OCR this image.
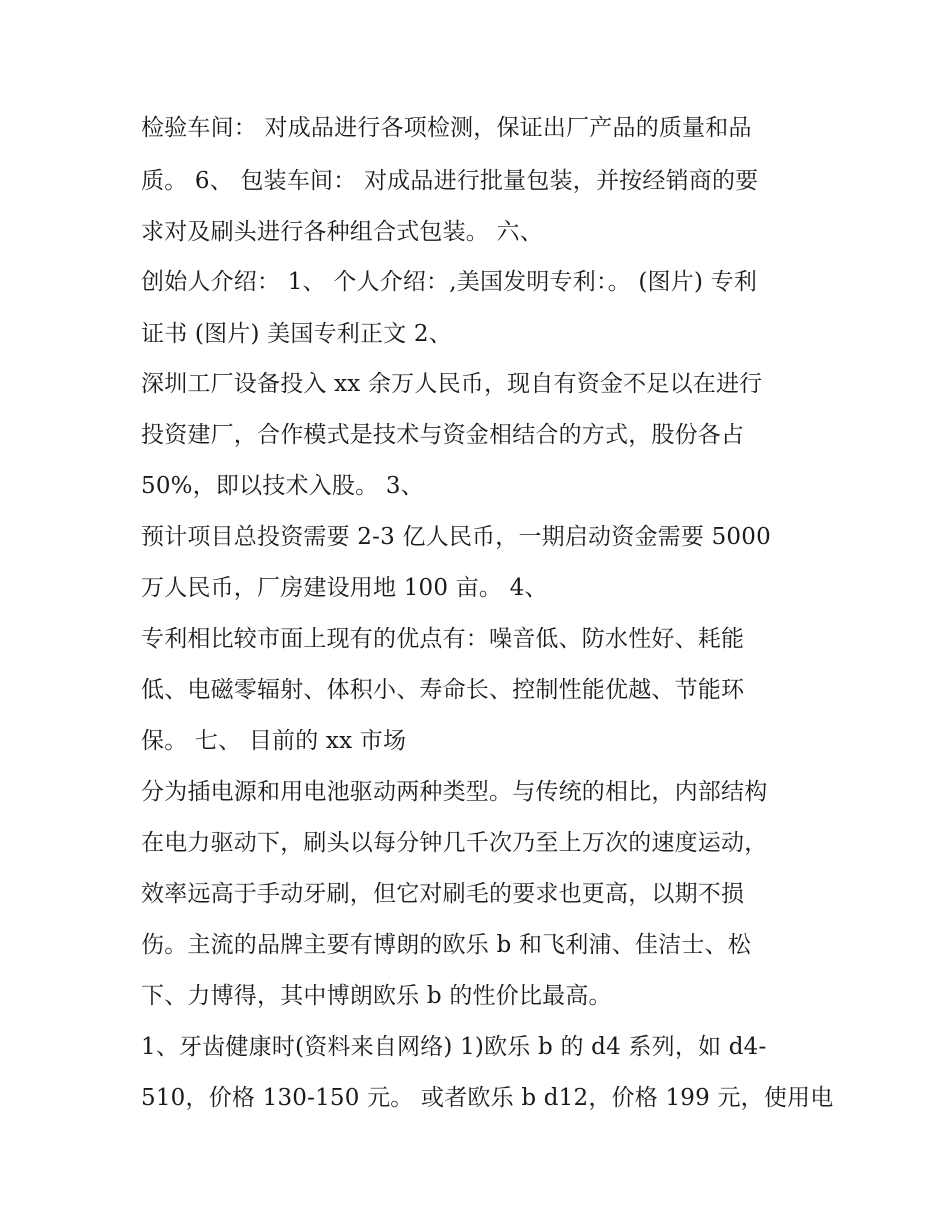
检验车间： 对成品进行各项检测，保证出厂产品的质量和品
质。 6、 包装车间： 对成品进行批量包装，并按经销商的要
求对及刷头进行各种组合式包装。 六、
创始人介绍： 1、 个人介绍：,美国发明专利：。 (图片) 专利
证书 (图片) 美国专利正文 2、
深圳工厂设备投入 xx 余万人民币，现自有资金不足以在进行
投资建厂，合作模式是技术与资金相结合的方式，股份各占
50%，即以技术入股。 3、
预计项目总投资需要 2-3 亿人民币，一期启动资金需要 5000
万人民币，厂房建设用地 100 亩。 4、
专利相比较市面上现有的优点有：噪音低、防水性好、耗能
低、电磁零辐射、体积小、寿命长、控制性能优越、节能环
保。 七、 目前的 xx 市场
分为插电源和用电池驱动两种类型。与传统的相比，内部结构
在电力驱动下，刷头以每分钟几千次乃至上万次的速度运动，
效率远高于手动牙刷，但它对刷毛的要求也更高，以期不损
伤。主流的品牌主要有博朗的欧乐 b 和飞利浦、佳洁士、松
下、力博得，其中博朗欧乐 b 的性价比最高。
1、牙齿健康时(资料来自网络) 1)欧乐 b 的 d4 系列，如 d4-
510，价格 130-150 元。 或者欧乐 b d12，价格 199 元，使用电
